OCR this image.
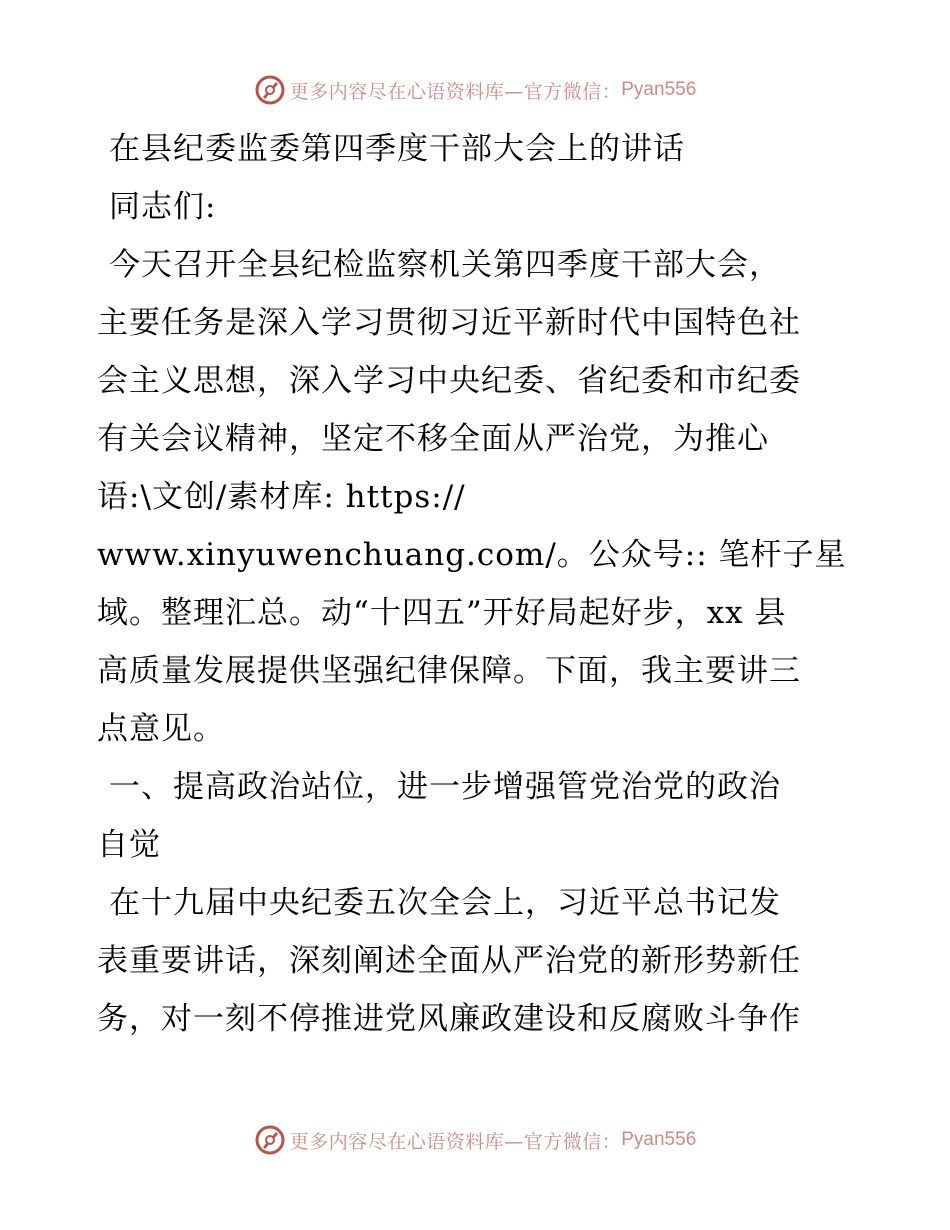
更多内容尽在心语资料库—官方微信： Pyan556
在县纪委监委第四季度干部大会上的讲话
同志们:
今天召开全县纪检监察机关第四季度干部大会，
主要任务是深入学习贯彻习近平新时代中国特色社
会主义思想，深入学习中央纪委、省纪委和市纪委
有关会议精神，坚定不移全面从严治党，为推心
语:\文创/素材库: https://
www.xinyuwenchuang.com/。公众号:: 笔杆子星
域。整理汇总。动“十四五”开好局起好步，xx 县
高质量发展提供坚强纪律保障。下面，我主要讲三
点意见。
一、提高政治站位，进一步增强管党治党的政治
自觉
在十九届中央纪委五次全会上，习近平总书记发
表重要讲话，深刻阐述全面从严治党的新形势新任
务，对一刻不停推进党风廉政建设和反腐败斗争作
更多内容尽在心语资料库—官方微信： Pyan556
